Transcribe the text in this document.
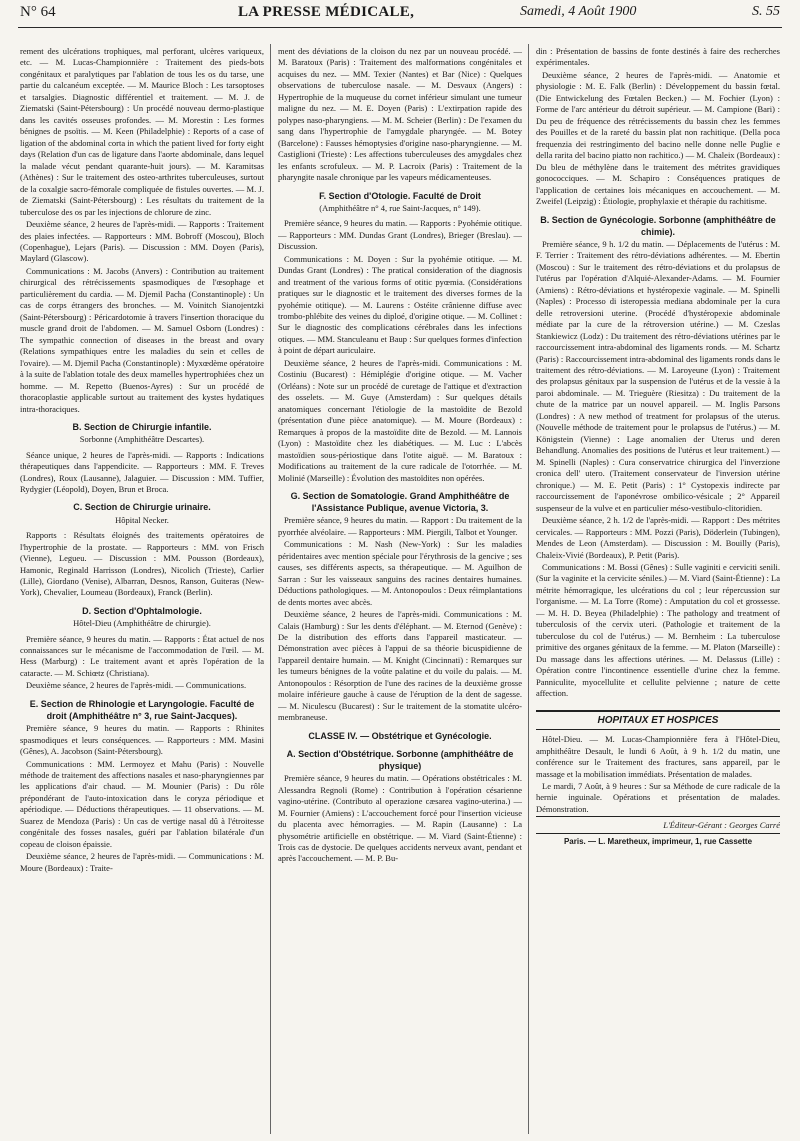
N° 64	LA PRESSE MÉDICALE,	Samedi, 4 Août 1900	S. 55

rement des ulcérations trophiques, mal perforant, ulcères variqueux, etc. — M. Lucas-Championnière : Traitement des pieds-bots congénitaux et paralytiques par l'ablation de tous les os du tarse, une partie du calcanéum exceptée. — M. Maurice Bloch : Les tarsoptoses et tarsalgies. Diagnostic différentiel et traitement. — M. J. de Ziematski (Saint-Pétersbourg) : Un procédé nouveau dermo-plastique dans les cavités osseuses profondes. — M. Morestin : Les formes bénignes de psoïtis. — M. Keen (Philadelphie) : Reports of a case of ligation of the abdominal corta in which the patient lived for forty eight days (Relation d'un cas de ligature dans l'aorte abdominale, dans lequel la malade vécut pendant quarante-huit jours). — M. Karamitsas (Athènes) : Sur le traitement des osteo-arthrites tuberculeuses, surtout de la coxalgie sacro-fémorale compliquée de fistules ouvertes. — M. J. de Ziematski (Saint-Pétersbourg) : Les résultats du traitement de la tuberculose des os par les injections de chlorure de zinc.

Deuxième séance, 2 heures de l'après-midi. — Rapports : Traitement des plaies infectées. — Rapporteurs : MM. Bobroff (Moscou), Bloch (Copenhague), Lejars (Paris). — Discussion : MM. Doyen (Paris), Maylard (Glascow).

Communications : M. Jacobs (Anvers) : Contribution au traitement chirurgical des rétrécissements spasmodiques de l'œsophage et particulièrement du cardia. — M. Djemil Pacha (Constantinople) : Un cas de corps étrangers des bronches. — M. Voinitch Sianojentzki (Saint-Pétersbourg) : Péricardotomie à travers l'insertion thoracique du muscle grand droit de l'abdomen. — M. Samuel Osborn (Londres) : The sympathic connection of diseases in the breast and ovary (Relations sympathiques entre les maladies du sein et celles de l'ovaire). — M. Djemil Pacha (Constantinople) : Myxœdème opératoire à la suite de l'ablation totale des deux mamelles hypertrophiées chez un homme. — M. Repetto (Buenos-Ayres) : Sur un procédé de thoracoplastie applicable surtout au traitement des kystes hydatiques intra-thoraciques.

B. Section de Chirurgie infantile.

Sorbonne (Amphithéâtre Descartes).

Séance unique, 2 heures de l'après-midi. — Rapports : Indications thérapeutiques dans l'appendicite. — Rapporteurs : MM. F. Treves (Londres), Roux (Lausanne), Jalaguier. — Discussion : MM. Tuffier, Rydygier (Léopold), Doyen, Brun et Broca.

C. Section de Chirurgie urinaire.

Hôpital Necker.

Rapports : Résultats éloignés des traitements opératoires de l'hypertrophie de la prostate. — Rapporteurs : MM. von Frisch (Vienne), Legueu. — Discussion : MM. Pousson (Bordeaux), Hamonic, Reginald Harrisson (Londres), Nicolich (Trieste), Carlier (Lille), Giordano (Venise), Albarran, Desnos, Ranson, Guiteras (New-York), Chevalier, Loumeau (Bordeaux), Franck (Berlin).

D. Section d'Ophtalmologie.

Hôtel-Dieu (Amphithéâtre de chirurgie).

Première séance, 9 heures du matin. — Rapports : État actuel de nos connaissances sur le mécanisme de l'accommodation de l'œil. — M. Hess (Marburg) : Le traitement avant et après l'opération de la cataracte. — M. Schiœtz (Christiana).

Deuxième séance, 2 heures de l'après-midi. — Communications.

E. Section de Rhinologie et Laryngologie. Faculté de droit (Amphithéâtre n° 3, rue Saint-Jacques).

Première séance, 9 heures du matin. — Rapports : Rhinites spasmodiques et leurs conséquences. — Rapporteurs : MM. Masini (Gênes), A. Jacobson (Saint-Pétersbourg).

Communications : MM. Lermoyez et Mahu (Paris) : Nouvelle méthode de traitement des affections nasales et naso-pharyngiennes par les applications d'air chaud. — M. Mounier (Paris) : Du rôle prépondérant de l'auto-intoxication dans le coryza périodique et apériodique. — Déductions thérapeutiques. — 11 observations. — M. Suarez de Mendoza (Paris) : Un cas de vertige nasal dû à l'étroitesse congénitale des fosses nasales, guéri par l'ablation bilatérale d'un copeau de cloison épaissie.

Deuxième séance, 2 heures de l'après-midi. — Communications : M. Moure (Bordeaux) : Traite-

ment des déviations de la cloison du nez par un nouveau procédé. — M. Baratoux (Paris) : Traitement des malformations congénitales et acquises du nez. — MM. Texier (Nantes) et Bar (Nice) : Quelques observations de tuberculose nasale. — M. Desvaux (Angers) : Hypertrophie de la muqueuse du cornet inférieur simulant une tumeur maligne du nez. — M. E. Doyen (Paris) : L'extirpation rapide des polypes naso-pharyngiens. — M. M. Scheier (Berlin) : De l'examen du sang dans l'hypertrophie de l'amygdale pharyngée. — M. Botey (Barcelone) : Fausses hémoptysies d'origine naso-pharyngienne. — M. Castiglioni (Trieste) : Les affections tuberculeuses des amygdales chez les enfants scrofuleux. — M. P. Lacroix (Paris) : Traitement de la pharyngite nasale chronique par les vapeurs médicamenteuses.

F. Section d'Otologie. Faculté de Droit

(Amphithéâtre n° 4, rue Saint-Jacques, n° 149).

Première séance, 9 heures du matin. — Rapports : Pyohémie otitique. — Rapporteurs : MM. Dundas Grant (Londres), Brieger (Breslau). — Discussion.

Communications : M. Doyen : Sur la pyohémie otitique. — M. Dundas Grant (Londres) : The pratical consideration of the diagnosis and treatment of the various forms of otitic pyœmia. (Considérations pratiques sur le diagnostic et le traitement des diverses formes de la pyohémie otitique). — M. Laurens : Ostéite crânienne diffuse avec trombo-phlébite des veines du diploé, d'origine otique. — M. Collinet : Sur le diagnostic des complications cérébrales dans les infections otiques. — MM. Stanculeanu et Baup : Sur quelques formes d'infection à point de départ auriculaire.

Deuxième séance, 2 heures de l'après-midi. Communications : M. Costiniu (Bucarest) : Hémiplégie d'origine otique. — M. Vacher (Orléans) : Note sur un procédé de curetage de l'attique et d'extraction des osselets. — M. Guye (Amsterdam) : Sur quelques détails anatomiques concernant l'étiologie de la mastoïdite de Bezold (présentation d'une pièce anatomique). — M. Moure (Bordeaux) : Remarques à propos de la mastoïdite dite de Bezold. — M. Lannois (Lyon) : Mastoïdite chez les diabétiques. — M. Luc : L'abcès mastoïdien sous-périostique dans l'otite aiguë. — M. Baratoux : Modifications au traitement de la cure radicale de l'otorrhée. — M. Molinié (Marseille) : Évolution des mastoïdites non opérées.

G. Section de Somatologie. Grand Amphithéâtre de l'Assistance Publique, avenue Victoria, 3.

Première séance, 9 heures du matin. — Rapport : Du traitement de la pyorrhée alvéolaire. — Rapporteurs : MM. Piergili, Talbot et Younger.

Communications : M. Nash (New-York) : Sur les maladies péridentaires avec mention spéciale pour l'érythrosis de la gencive ; ses causes, ses différents aspects, sa thérapeutique. — M. Aguilhon de Sarran : Sur les vaisseaux sanguins des racines dentaires humaines. Déductions pathologiques. — M. Antonopoulos : Deux réimplantations de dents mortes avec abcès.

Deuxième séance, 2 heures de l'après-midi. Communications : M. Calais (Hamburg) : Sur les dents d'éléphant. — M. Eternod (Genève) : De la distribution des efforts dans l'appareil masticateur. — Démonstration avec pièces à l'appui de sa théorie bicuspidienne de l'appareil dentaire humain. — M. Knight (Cincinnati) : Remarques sur les tumeurs bénignes de la voûte palatine et du voile du palais. — M. Antonopoulos : Résorption de l'une des racines de la deuxième grosse molaire inférieure gauche à cause de l'éruption de la dent de sagesse. — M. Niculescu (Bucarest) : Sur le traitement de la stomatite ulcéro-membraneuse.

CLASSE IV. — Obstétrique et Gynécologie.

A. Section d'Obstétrique. Sorbonne (amphithéâtre de physique)

Première séance, 9 heures du matin. — Opérations obstétricales : M. Alessandra Regnoli (Rome) : Contribution à l'opération césarienne vagino-utérine. (Contributo al operazione cæsarea vagino-uterina.) — M. Fournier (Amiens) : L'accouchement forcé pour l'insertion vicieuse du placenta avec hémorragies. — M. Rapin (Lausanne) : La physométrie artificielle en obstétrique. — M. Viard (Saint-Étienne) : Trois cas de dystocie. De quelques accidents nerveux avant, pendant et après l'accouchement. — M. P. Bu-

din : Présentation de bassins de fonte destinés à faire des recherches expérimentales.

Deuxième séance, 2 heures de l'après-midi. — Anatomie et physiologie : M. E. Falk (Berlin) : Développement du bassin fœtal. (Die Entwickelung des Fœtalen Becken.) — M. Fochier (Lyon) : Forme de l'arc antérieur du détroit supérieur. — M. Campione (Bari) : Du peu de fréquence des rétrécissements du bassin chez les femmes des Pouilles et de la rareté du bassin plat non rachitique. (Della poca frequenzia dei restringimento del bacino nelle donne nelle Puglie e della rarita del bacino piatto non rachitico.) — M. Chaleix (Bordeaux) : Du bleu de méthylène dans le traitement des métrites gravidiques gonococciques. — M. Schapiro : Conséquences pratiques de l'application de certaines lois mécaniques en accouchement. — M. Zweifel (Leipzig) : Étiologie, prophylaxie et thérapie du rachitisme.

B. Section de Gynécologie. Sorbonne (amphithéâtre de chimie).

Première séance, 9 h. 1/2 du matin. — Déplacements de l'utérus : M. F. Terrier : Traitement des rétro-déviations adhérentes. — M. Ebertin (Moscou) : Sur le traitement des rétro-déviations et du prolapsus de l'utérus par l'opération d'Alquié-Alexander-Adams. — M. Fournier (Amiens) : Rétro-déviations et hystéropexie vaginale. — M. Spinelli (Naples) : Processo di isteropessia mediana abdominale per la cura delle retroversioni uterine. (Procédé d'hystéropexie abdominale médiate par la cure de la rétroversion utérine.) — M. Czeslas Stankiewicz (Lodz) : Du traitement des rétro-déviations utérines par le raccourcissement intra-abdominal des ligaments ronds. — M. Schartz (Paris) : Raccourcissement intra-abdominal des ligaments ronds dans le traitement des rétro-déviations. — M. Laroyeune (Lyon) : Traitement des prolapsus génitaux par la suspension de l'utérus et de la vessie à la paroi abdominale. — M. Trieguère (Riesitza) : Du traitement de la chute de la matrice par un nouvel appareil. — M. Inglis Parsons (Londres) : A new method of treatment for prolapsus of the uterus. (Nouvelle méthode de traitement pour le prolapsus de l'utérus.) — M. Königstein (Vienne) : Lage anomalien der Uterus und deren Behandlung. Anomalies des positions de l'utérus et leur traitement.) — M. Spinelli (Naples) : Cura conservatrice chirurgica del l'inverzione cronica dell' utero. (Traitement conservateur de l'inversion utérine chronique.) — M. E. Petit (Paris) : 1° Cystopexis indirecte par raccourcissement de l'aponévrose ombilico-vésicale ; 2° Appareil suspenseur de la vulve et en particulier méso-vestibulo-clitoridien.

Deuxième séance, 2 h. 1/2 de l'après-midi. — Rapport : Des métrites cervicales. — Rapporteurs : MM. Pozzi (Paris), Döderlein (Tubingen), Mendes de Leon (Amsterdam). — Discussion : M. Bouilly (Paris), Chaleix-Vivié (Bordeaux), P. Petit (Paris).

Communications : M. Bossi (Gênes) : Sulle vaginiti e cerviciti senili. (Sur la vaginite et la cervicite séniles.) — M. Viard (Saint-Étienne) : La métrite hémorragique, les ulcérations du col ; leur répercussion sur l'organisme. — M. La Torre (Rome) : Amputation du col et grossesse. — M. H. D. Beyea (Philadelphie) : The pathology and treatment of tuberculosis of the cervix uteri. (Pathologie et traitement de la tuberculose du col de l'utérus.) — M. Bernheim : La tuberculose primitive des organes génitaux de la femme. — M. Platon (Marseille) : Du massage dans les affections utérines. — M. Delassus (Lille) : Opération contre l'incontinence essentielle d'urine chez la femme. Panniculite, myocellulite et cellulite pelvienne ; nature de cette affection.

HOPITAUX ET HOSPICES

Hôtel-Dieu. — M. Lucas-Championnière fera à l'Hôtel-Dieu, amphithéâtre Desault, le lundi 6 Août, à 9 h. 1/2 du matin, une conférence sur le Traitement des fractures, sans appareil, par le massage et la mobilisation immédiats. Présentation de malades.

Le mardi, 7 Août, à 9 heures : Sur sa Méthode de cure radicale de la hernie inguinale. Opérations et présentation de malades. Démonstration.

L'Éditeur-Gérant : Georges Carré

Paris. — L. Maretheux, imprimeur, 1, rue Cassette
